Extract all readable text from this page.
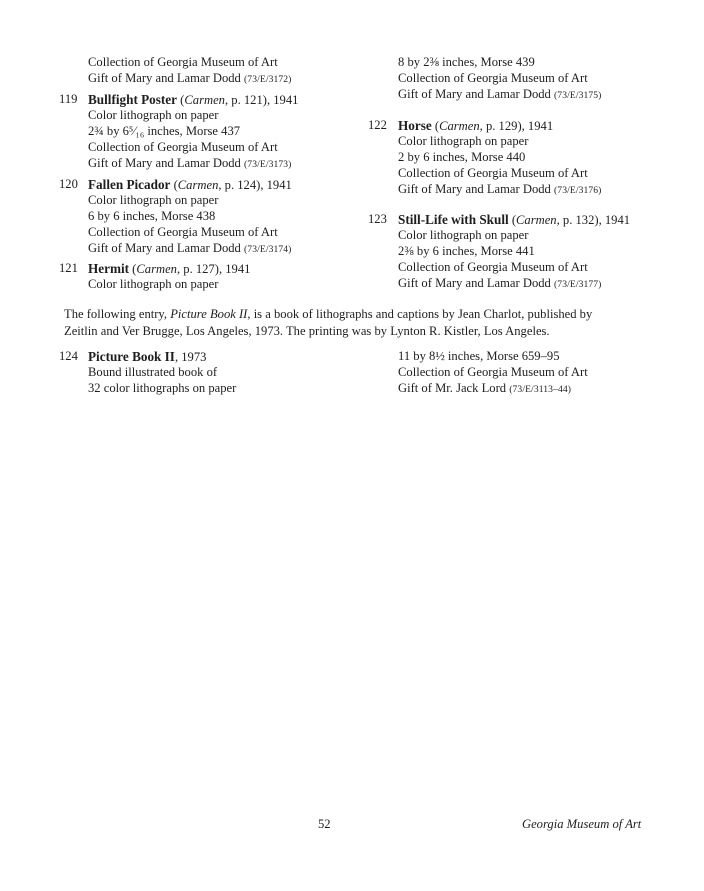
Collection of Georgia Museum of Art
Gift of Mary and Lamar Dodd (73/E/3172)
119 Bullfight Poster (Carmen, p. 121), 1941
Color lithograph on paper
2¾ by 6⁵⁄₁₆ inches, Morse 437
Collection of Georgia Museum of Art
Gift of Mary and Lamar Dodd (73/E/3173)
120 Fallen Picador (Carmen, p. 124), 1941
Color lithograph on paper
6 by 6 inches, Morse 438
Collection of Georgia Museum of Art
Gift of Mary and Lamar Dodd (73/E/3174)
121 Hermit (Carmen, p. 127), 1941
Color lithograph on paper
8 by 2⅜ inches, Morse 439
Collection of Georgia Museum of Art
Gift of Mary and Lamar Dodd (73/E/3175)
122 Horse (Carmen, p. 129), 1941
Color lithograph on paper
2 by 6 inches, Morse 440
Collection of Georgia Museum of Art
Gift of Mary and Lamar Dodd (73/E/3176)
123 Still-Life with Skull (Carmen, p. 132), 1941
Color lithograph on paper
2⅜ by 6 inches, Morse 441
Collection of Georgia Museum of Art
Gift of Mary and Lamar Dodd (73/E/3177)
The following entry, Picture Book II, is a book of lithographs and captions by Jean Charlot, published by
Zeitlin and Ver Brugge, Los Angeles, 1973. The printing was by Lynton R. Kistler, Los Angeles.
124 Picture Book II, 1973
Bound illustrated book of
32 color lithographs on paper
11 by 8½ inches, Morse 659–95
Collection of Georgia Museum of Art
Gift of Mr. Jack Lord (73/E/3113–44)
52	Georgia Museum of Art
